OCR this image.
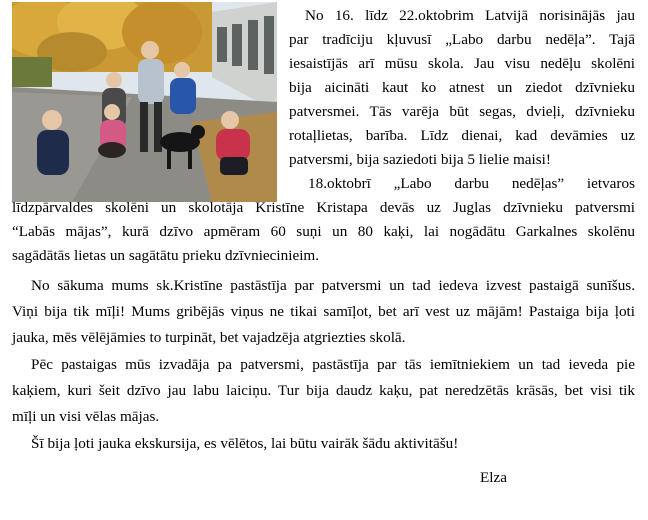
No 16. līdz 22.oktobrim Latvijā norisinājās jau
par tradīciju kļuvusī „Labo darbu nedēļa”. Tajā
iesaistījās arī mūsu skola. Jau visu nedēļu skolēni
bija aicināti kaut ko atnest un ziedot dzīvnieku
patversmei. Tās varēja būt segas, dvieļi, dzīvnieku
rotaļlietas, barība. Līdz dienai, kad devāmies uz
patversmi, bija saziedoti bija 5 lielie maisi!
18.oktobrī „Labo darbu nedēļas” ietvaros
līdzpārvaldes skolēni un skolotāja Kristīne Kristapa devās uz Juglas dzīvnieku patversmi
“Labās mājas”, kurā dzīvo apmēram 60 suņi un 80 kaķi, lai nogādātu Garkalnes skolēnu
sagādātās lietas un sagātātu prieku dzīvniecinieim.
No sākuma mums sk.Kristīne pastāstīja par patversmi un tad iedeva izvest pastaigā sunīšus.
Viņi bija tik mīļi! Mums gribējās viņus ne tikai samīļot, bet arī vest uz mājām! Pastaiga bija ļoti
jauka, mēs vēlējāmies to turpināt, bet vajadzēja atgriezties skolā.
Pēc pastaigas mūs izvadāja pa patversmi, pastāstīja par tās iemītniekiem un tad ieveda pie
kaķiem, kuri šeit dzīvo jau labu laiciņu. Tur bija daudz kaķu, pat neredzētās krāsās, bet visi tik
mīļi un visi vēlas mājas.
Šī bija ļoti jauka ekskursija, es vēlētos, lai būtu vairāk šādu aktivitāšu!
Elza
